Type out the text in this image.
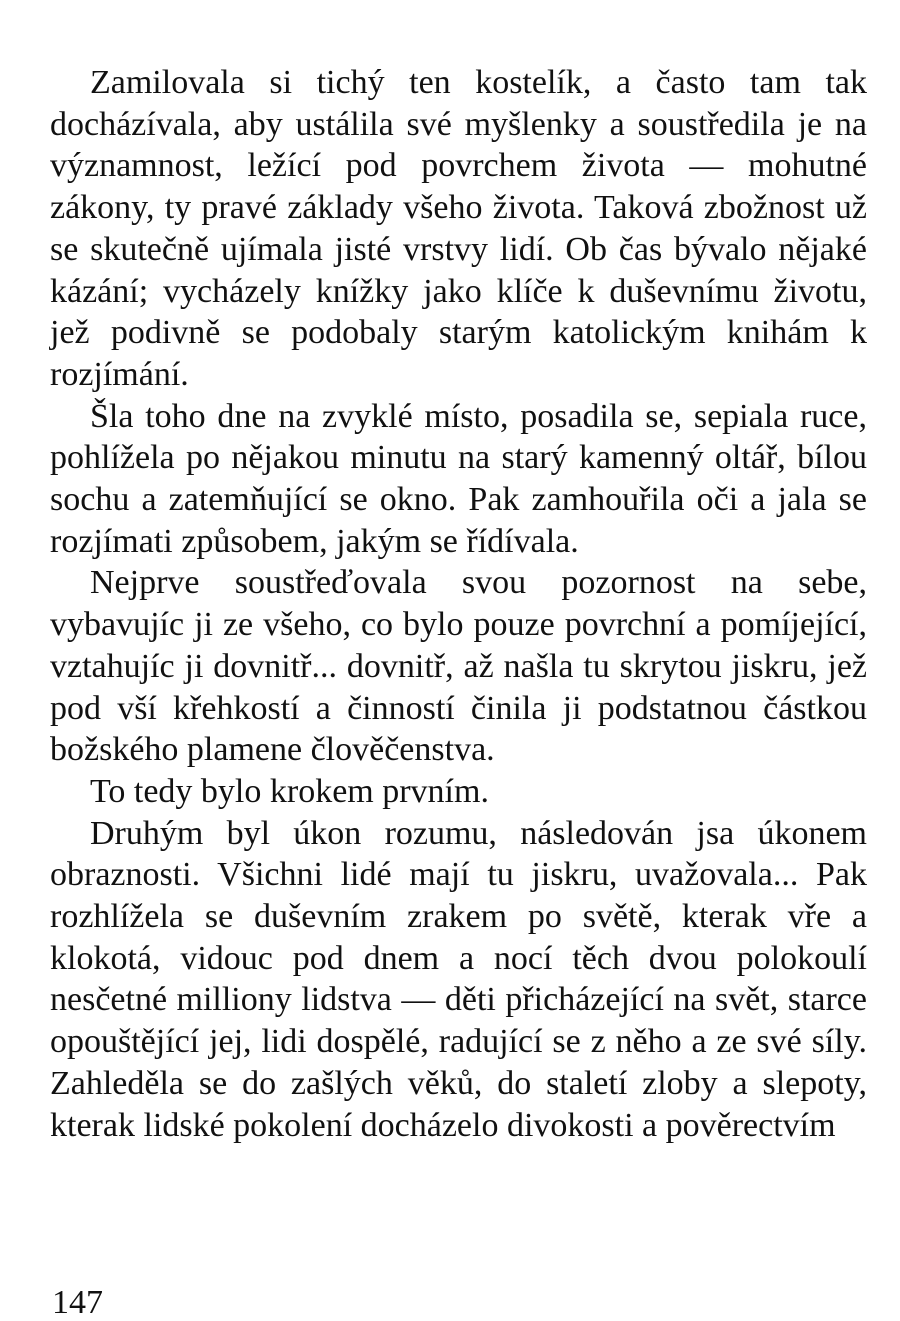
Zamilovala si tichý ten kostelík, a často tam tak docházívala, aby ustálila své myšlenky a soustředila je na významnost, ležící pod povrchem života — mohutné zákony, ty pravé základy všeho života. Taková zbožnost už se skutečně ujímala jisté vrstvy lidí. Ob čas bývalo nějaké kázání; vycházely knížky jako klíče k duševnímu životu, jež podivně se podobaly starým katolickým knihám k rozjímání.

Šla toho dne na zvyklé místo, posadila se, sepiala ruce, pohlížela po nějakou minutu na starý kamenný oltář, bílou sochu a zatemňující se okno. Pak zamhouřila oči a jala se rozjímati způsobem, jakým se řídívala.

Nejprve soustřeďovala svou pozornost na sebe, vybavujíc ji ze všeho, co bylo pouze povrchní a pomíjející, vztahujíc ji dovnitř... dovnitř, až našla tu skrytou jiskru, jež pod vší křehkostí a činností činila ji podstatnou částkou božského plamene člověčenstva.

To tedy bylo krokem prvním.

Druhým byl úkon rozumu, následován jsa úkonem obraznosti. Všichni lidé mají tu jiskru, uvažovala... Pak rozhlížela se duševním zrakem po světě, kterak vře a klokotá, vidouc pod dnem a nocí těch dvou polokoulí nesčetné milliony lidstva — děti přicházející na svět, starce opouštějící jej, lidi dospělé, radující se z něho a ze své síly. Zahleděla se do zašlých věků, do staletí zloby a slepoty, kterak lidské pokolení docházelo divokosti a pověrectvím

147
